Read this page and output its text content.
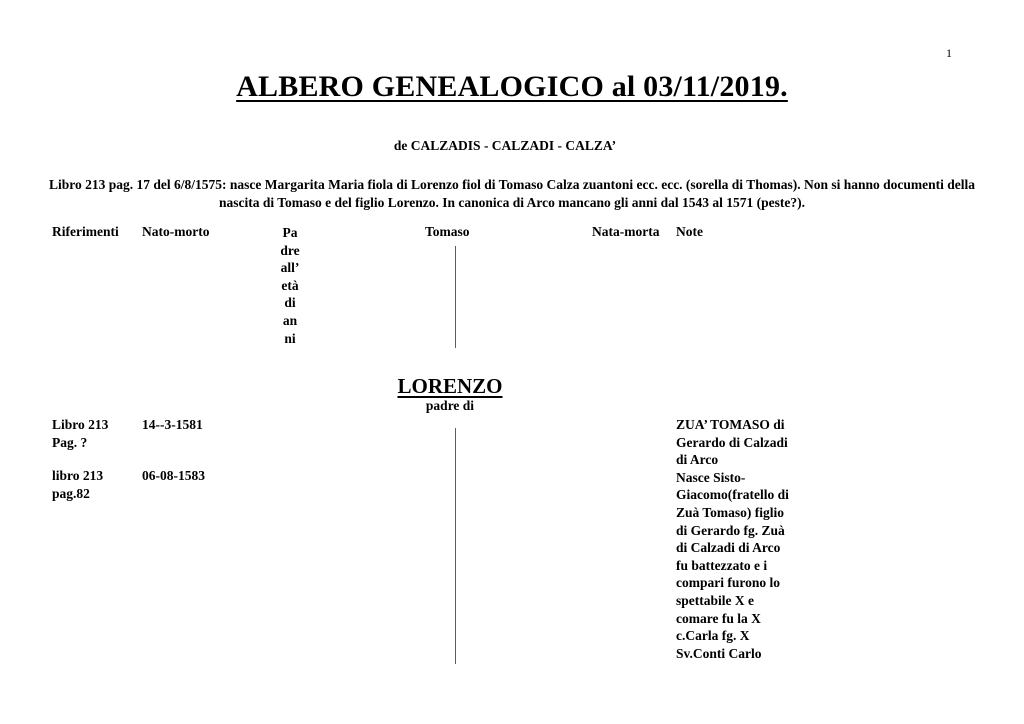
1
ALBERO GENEALOGICO al 03/11/2019.
de CALZADIS - CALZADI - CALZA’
Libro 213 pag. 17 del 6/8/1575: nasce Margarita Maria fiola di Lorenzo fiol di Tomaso Calza zuantoni ecc. ecc. (sorella di Thomas). Non si hanno documenti della nascita di Tomaso e del figlio Lorenzo. In canonica di Arco mancano gli anni dal 1543 al 1571 (peste?).
Riferimenti Nato-morto	Pa
dre
all’
età
di
an
ni
Tomaso	Nata-morta Note
LORENZO
padre di
Libro 213
Pag. ?
14--3-1581
libro 213
pag.82
06-08-1583
ZUA’ TOMASO di
Gerardo di Calzadi
di Arco
Nasce Sisto-
Giacomo(fratello di
Zuà Tomaso) figlio
di Gerardo fg. Zuà
di Calzadi di Arco
fu battezzato e i
compari furono lo
spettabile X e
comare fu la X
c.Carla fg. X
Sv.Conti Carlo
